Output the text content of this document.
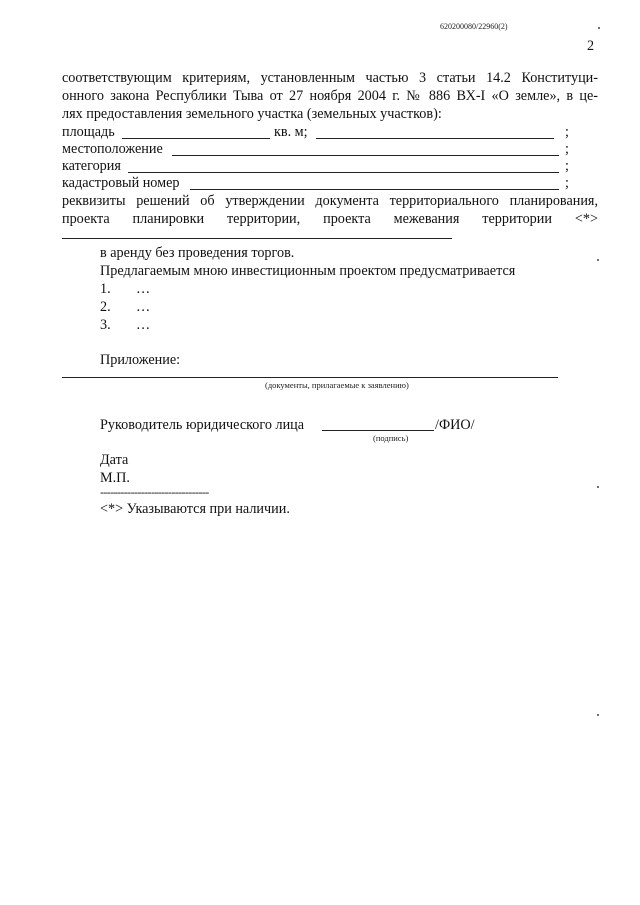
620200080/22960(2)
2
соответствующим критериям, установленным частью 3 статьи 14.2 Конституци-
онного закона Республики Тыва от 27 ноября 2004 г. № 886 ВХ-I «О земле», в це-
лях предоставления земельного участка (земельных участков):
площадь	кв. м;	;
местоположение	;
категория	;
кадастровый номер	;
реквизиты решений об утверждении документа территориального планирования,
проекта планировки территории, проекта межевания территории <*>
в аренду без проведения торгов.
Предлагаемым мною инвестиционным проектом предусматривается
1. …
2. …
3. …
Приложение:
(документы, прилагаемые к заявлению)
Руководитель юридического лица	/ФИО/
(подпись)
Дата
М.П.
--------------------------------
<*> Указываются при наличии.
